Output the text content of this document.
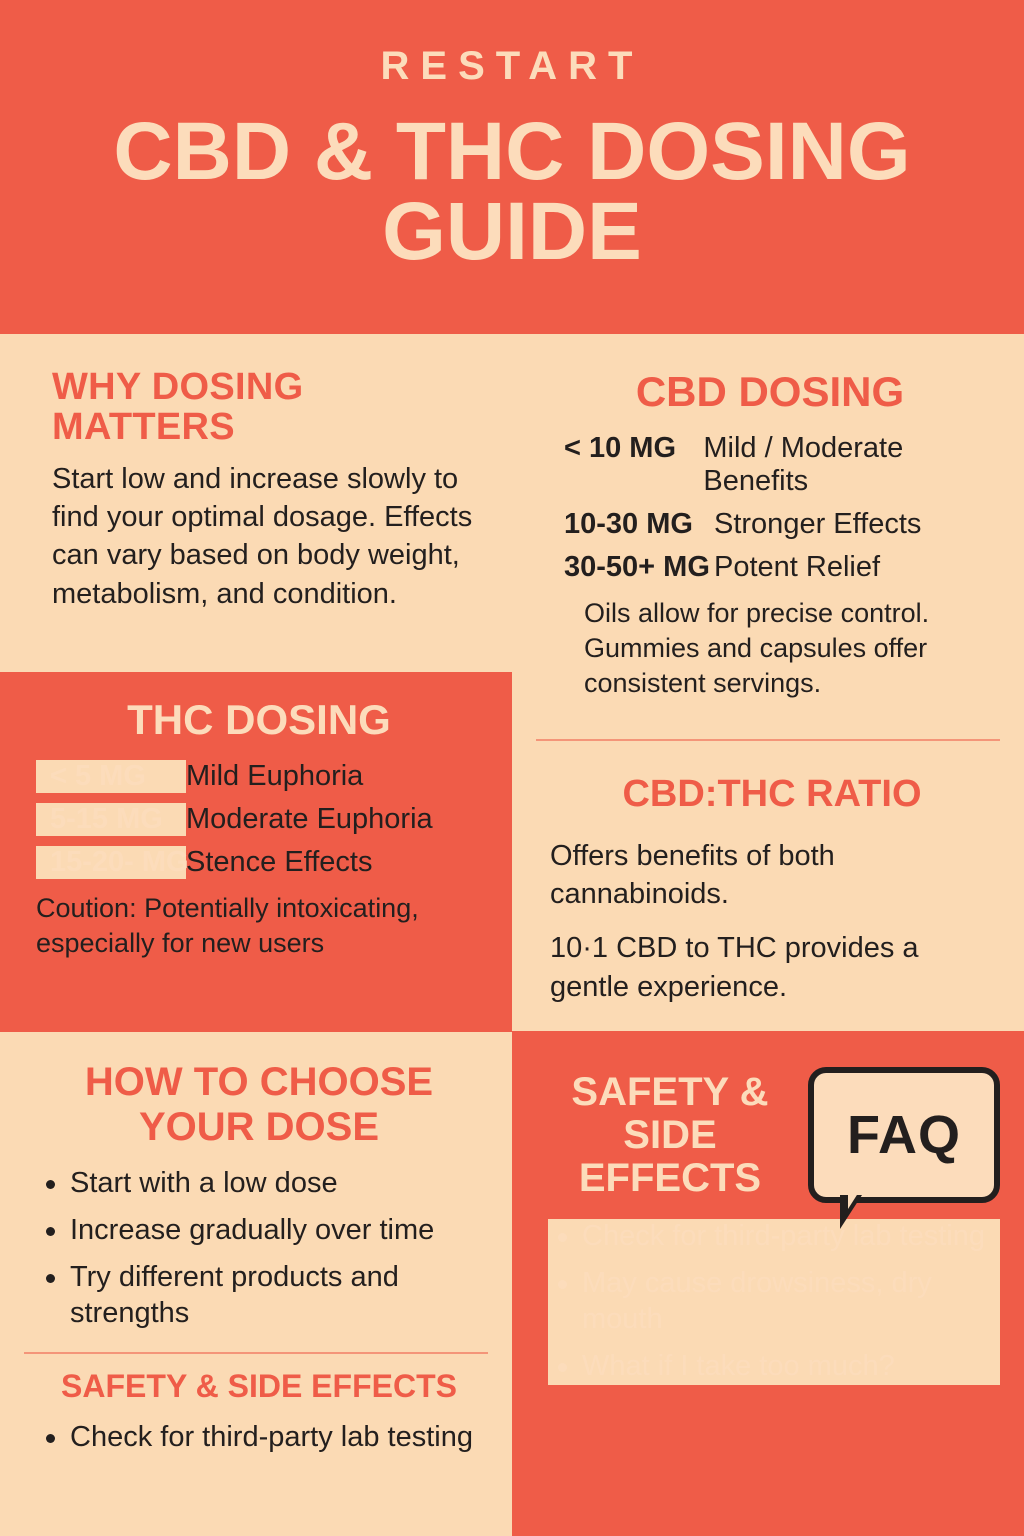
RESTART
CBD & THC DOSING GUIDE
WHY DOSING MATTERS

Start low and increase slowly to find your optimal dosage. Effects can vary based on body weight, metabolism, and condition.

THC DOSING
< 5 MG	Mild Euphoria
5-15 MG Moderate Euphoria
15-20- MG
Stence Effects

Coution: Potentially intoxicating, especially for new users

HOW TO CHOOSE YOUR DOSE
Start with a low dose
Increase gradually over time
Try different products and strengths
SAFETY & SIDE EFFECTS
Check for third-party lab testing
CBD DOSING
< 10 MG Mild / Moderate Benefits
10-30 MG Stronger Effects
30-50+ MG Potent Relief

Oils allow for precise control. Gummies and capsules offer consistent servings.

CBD:THC RATIO

Offers benefits of both cannabinoids.

10·1 CBD to THC provides a gentle experience.

SAFETY & SIDE EFFECTS
FAQ
Check for third-party lab testing
May cause drowsiness, dry mouth
What if I take too much?
